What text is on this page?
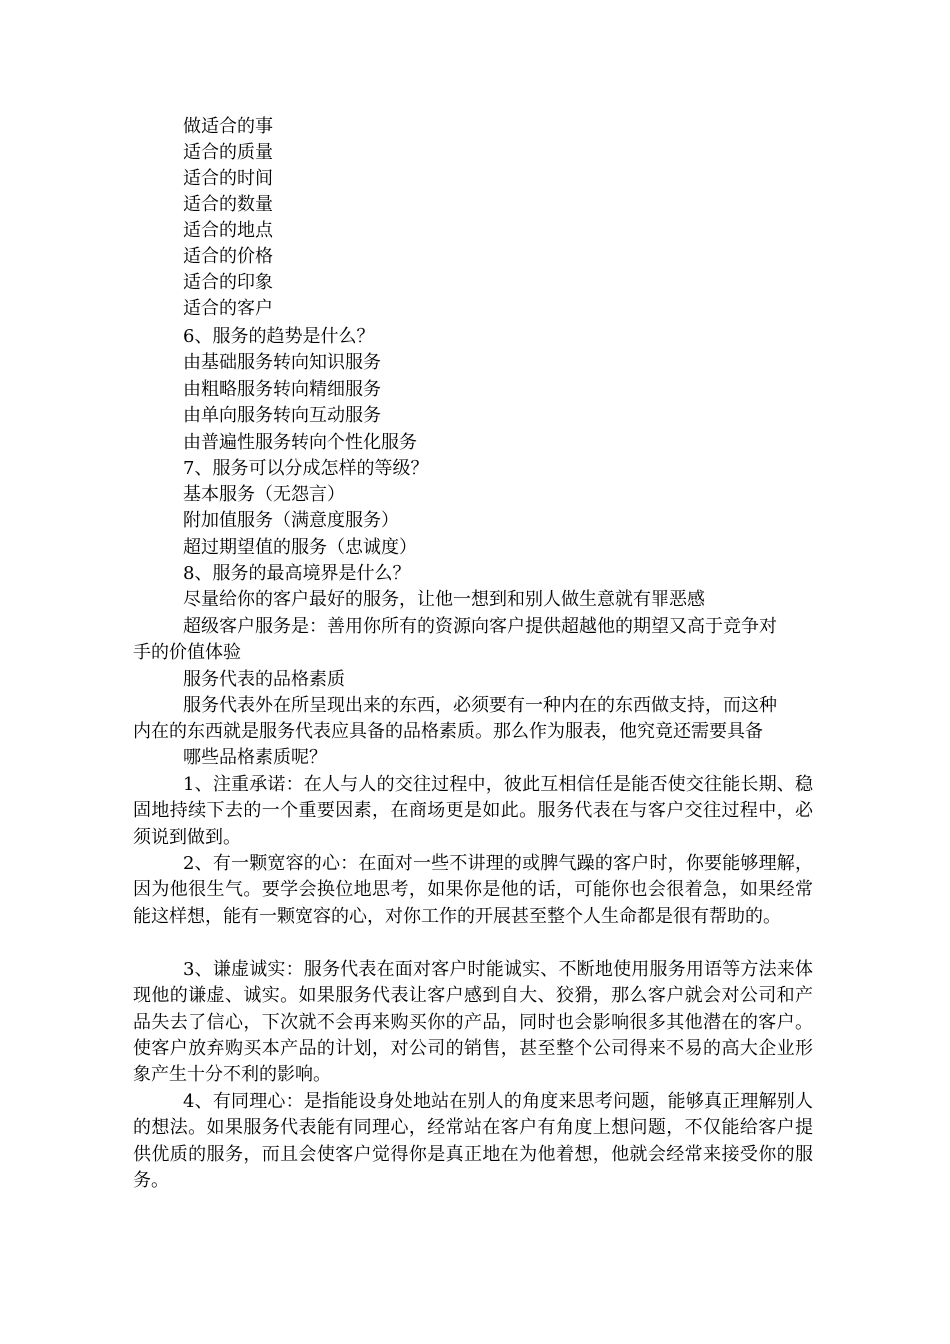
做适合的事
适合的质量
适合的时间
适合的数量
适合的地点
适合的价格
适合的印象
适合的客户
6、服务的趋势是什么？
由基础服务转向知识服务
由粗略服务转向精细服务
由单向服务转向互动服务
由普遍性服务转向个性化服务
7、服务可以分成怎样的等级？
基本服务（无怨言）
附加值服务（满意度服务）
超过期望值的服务（忠诚度）
8、服务的最高境界是什么？
尽量给你的客户最好的服务，让他一想到和别人做生意就有罪恶感
超级客户服务是：善用你所有的资源向客户提供超越他的期望又高于竞争对
手的价值体验
服务代表的品格素质
服务代表外在所呈现出来的东西，必须要有一种内在的东西做支持，而这种
内在的东西就是服务代表应具备的品格素质。那么作为服表，他究竟还需要具备
哪些品格素质呢？
1、注重承诺：在人与人的交往过程中，彼此互相信任是能否使交往能长期、稳固地持续下去的一个重要因素，在商场更是如此。服务代表在与客户交往过程中，必须说到做到。
2、有一颗宽容的心：在面对一些不讲理的或脾气躁的客户时，你要能够理解，因为他很生气。要学会换位地思考，如果你是他的话，可能你也会很着急，如果经常能这样想，能有一颗宽容的心，对你工作的开展甚至整个人生命都是很有帮助的。
3、谦虚诚实：服务代表在面对客户时能诚实、不断地使用服务用语等方法来体现他的谦虚、诚实。如果服务代表让客户感到自大、狡猾，那么客户就会对公司和产品失去了信心，下次就不会再来购买你的产品，同时也会影响很多其他潜在的客户。使客户放弃购买本产品的计划，对公司的销售，甚至整个公司得来不易的高大企业形象产生十分不利的影响。
4、有同理心：是指能设身处地站在别人的角度来思考问题，能够真正理解别人的想法。如果服务代表能有同理心，经常站在客户有角度上想问题，不仅能给客户提供优质的服务，而且会使客户觉得你是真正地在为他着想，他就会经常来接受你的服务。
